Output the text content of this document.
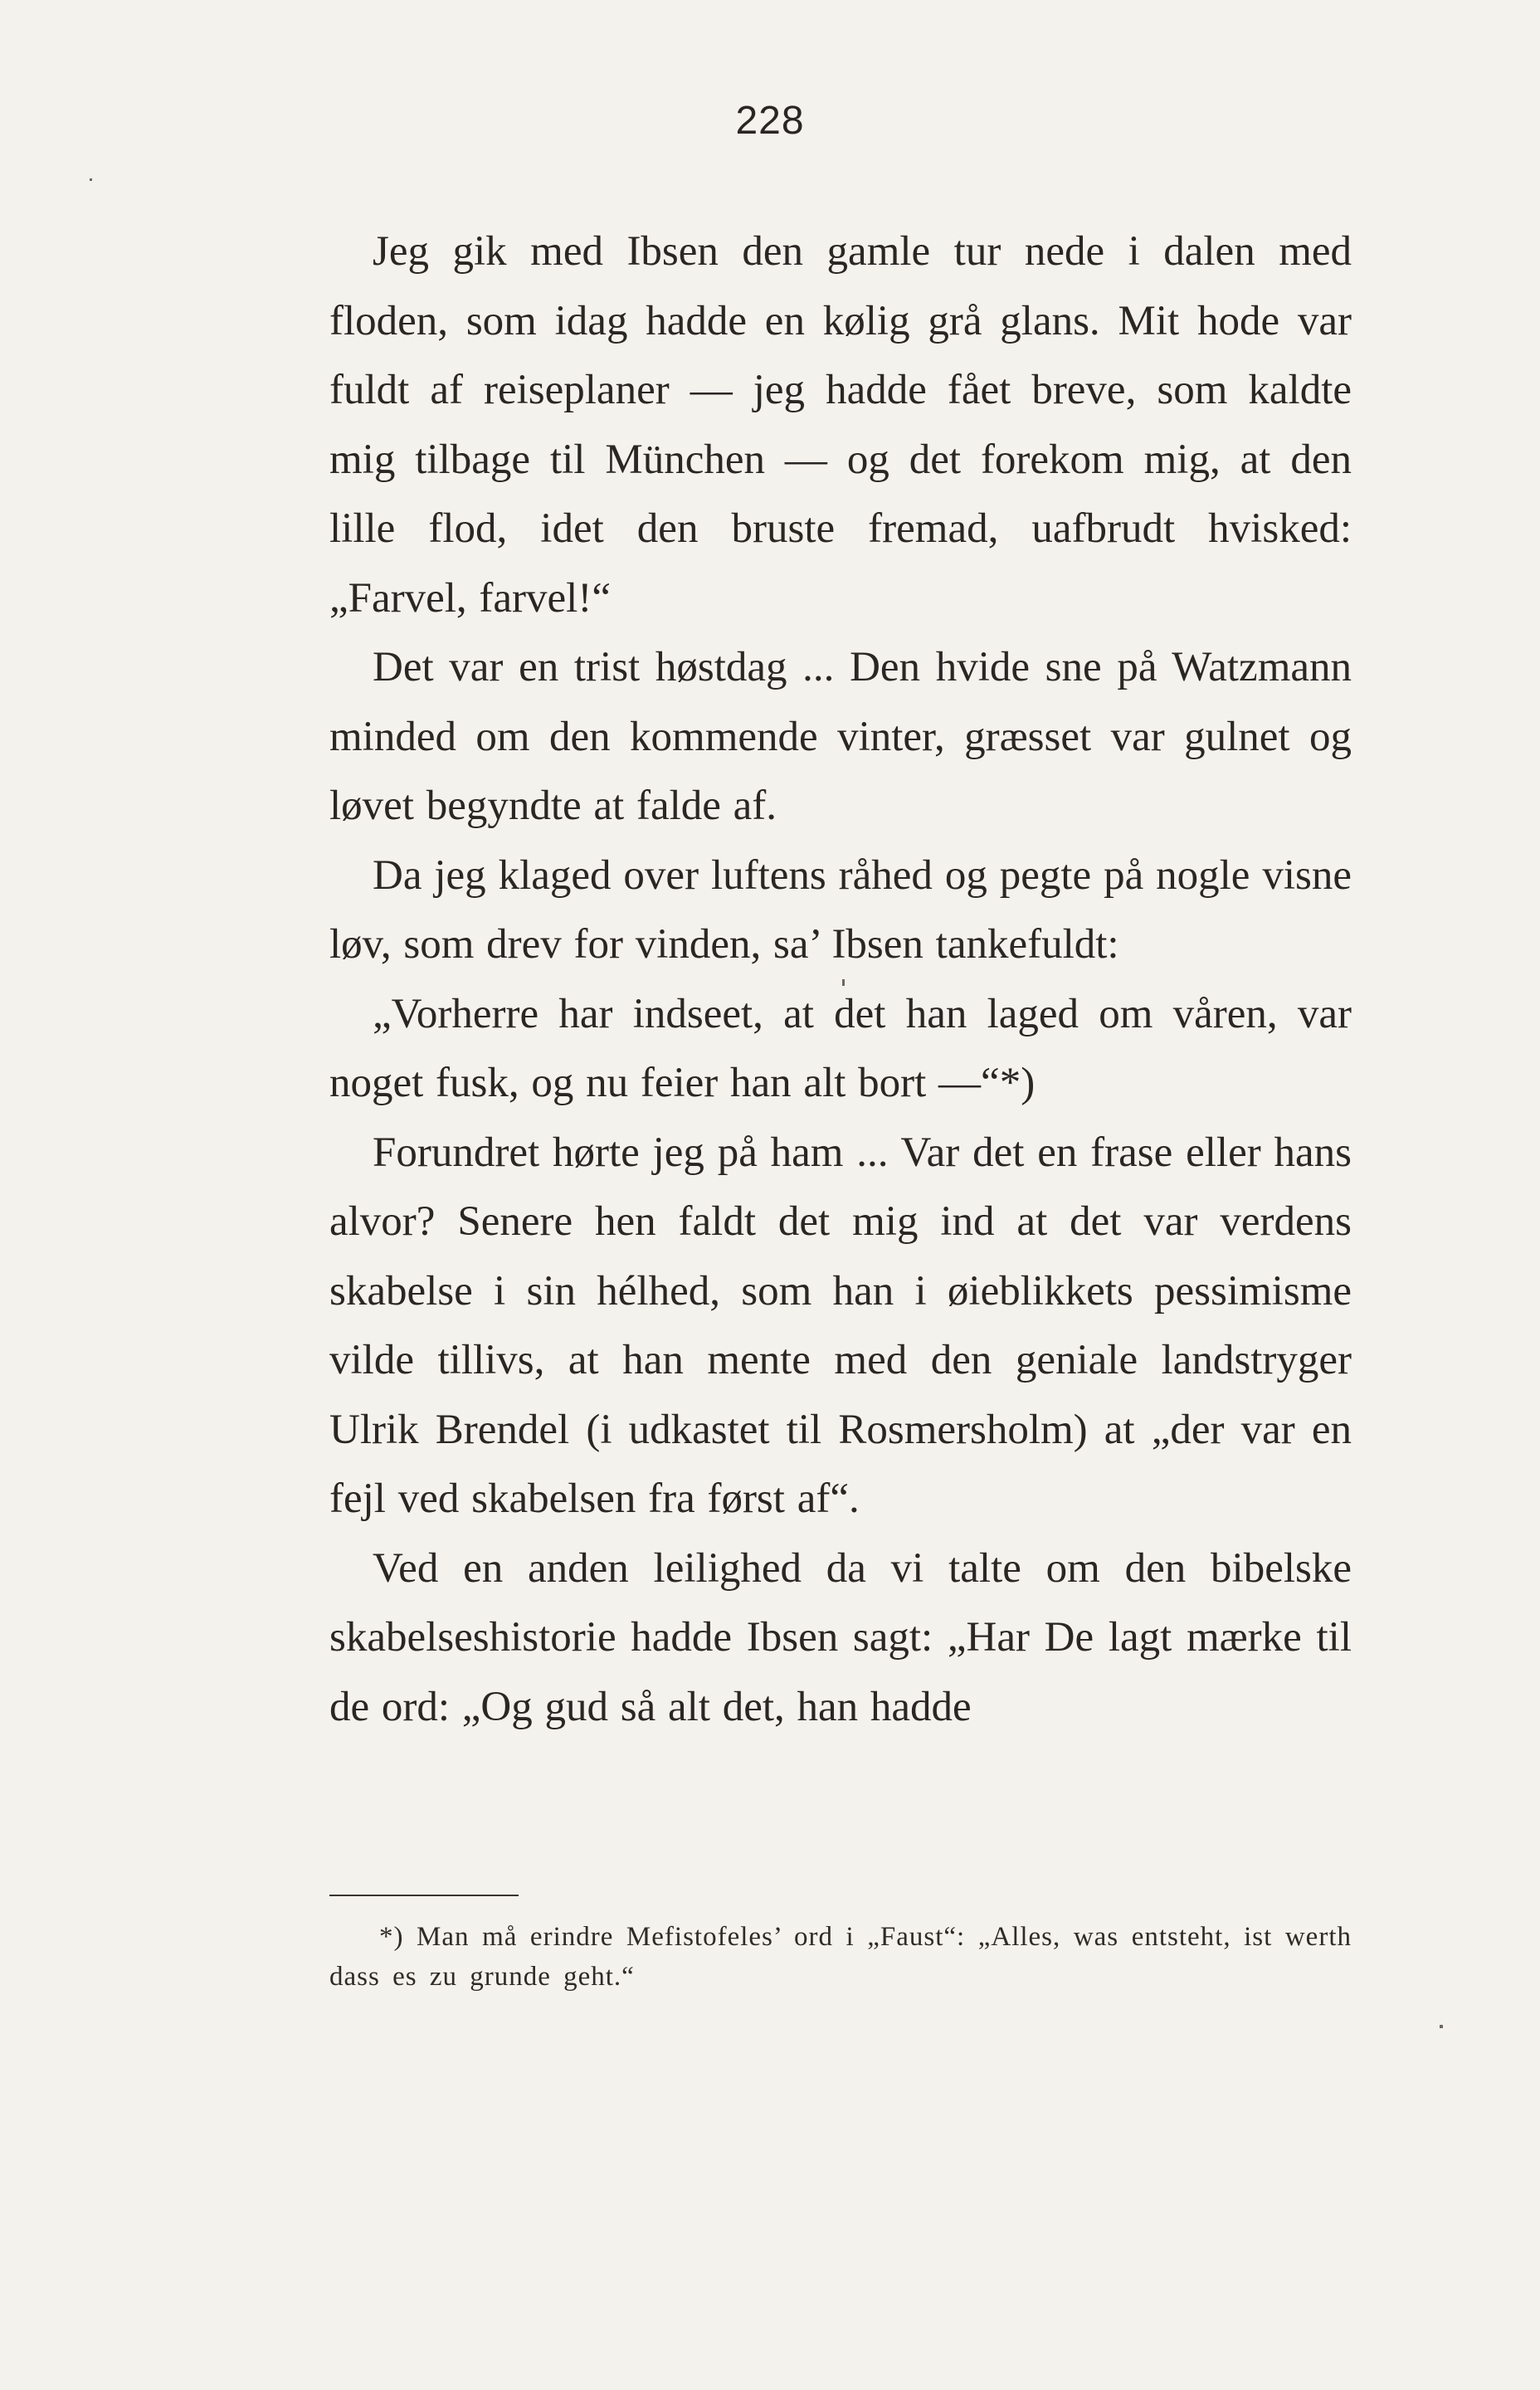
228

Jeg gik med Ibsen den gamle tur nede i dalen med floden, som idag hadde en kølig grå glans. Mit hode var fuldt af reiseplaner — jeg hadde fået breve, som kaldte mig tilbage til München — og det forekom mig, at den lille flod, idet den bruste fremad, uafbrudt hvisked: „Farvel, farvel!“

Det var en trist høstdag ... Den hvide sne på Watzmann minded om den kommende vinter, græsset var gulnet og løvet begyndte at falde af.

Da jeg klaged over luftens råhed og pegte på nogle visne løv, som drev for vinden, sa’ Ibsen tankefuldt:

„Vorherre har indseet, at det han laged om våren, var noget fusk, og nu feier han alt bort —“*)

Forundret hørte jeg på ham ... Var det en frase eller hans alvor? Senere hen faldt det mig ind at det var verdens skabelse i sin hélhed, som han i øieblikkets pessimisme vilde tillivs, at han mente med den geniale landstryger Ulrik Brendel (i udkastet til Rosmersholm) at „der var en fejl ved skabelsen fra først af“.

Ved en anden leilighed da vi talte om den bibelske skabelseshistorie hadde Ibsen sagt: „Har De lagt mærke til de ord: „Og gud så alt det, han hadde

*) Man må erindre Mefistofeles’ ord i „Faust“: „Alles, was entsteht, ist werth dass es zu grunde geht.“
